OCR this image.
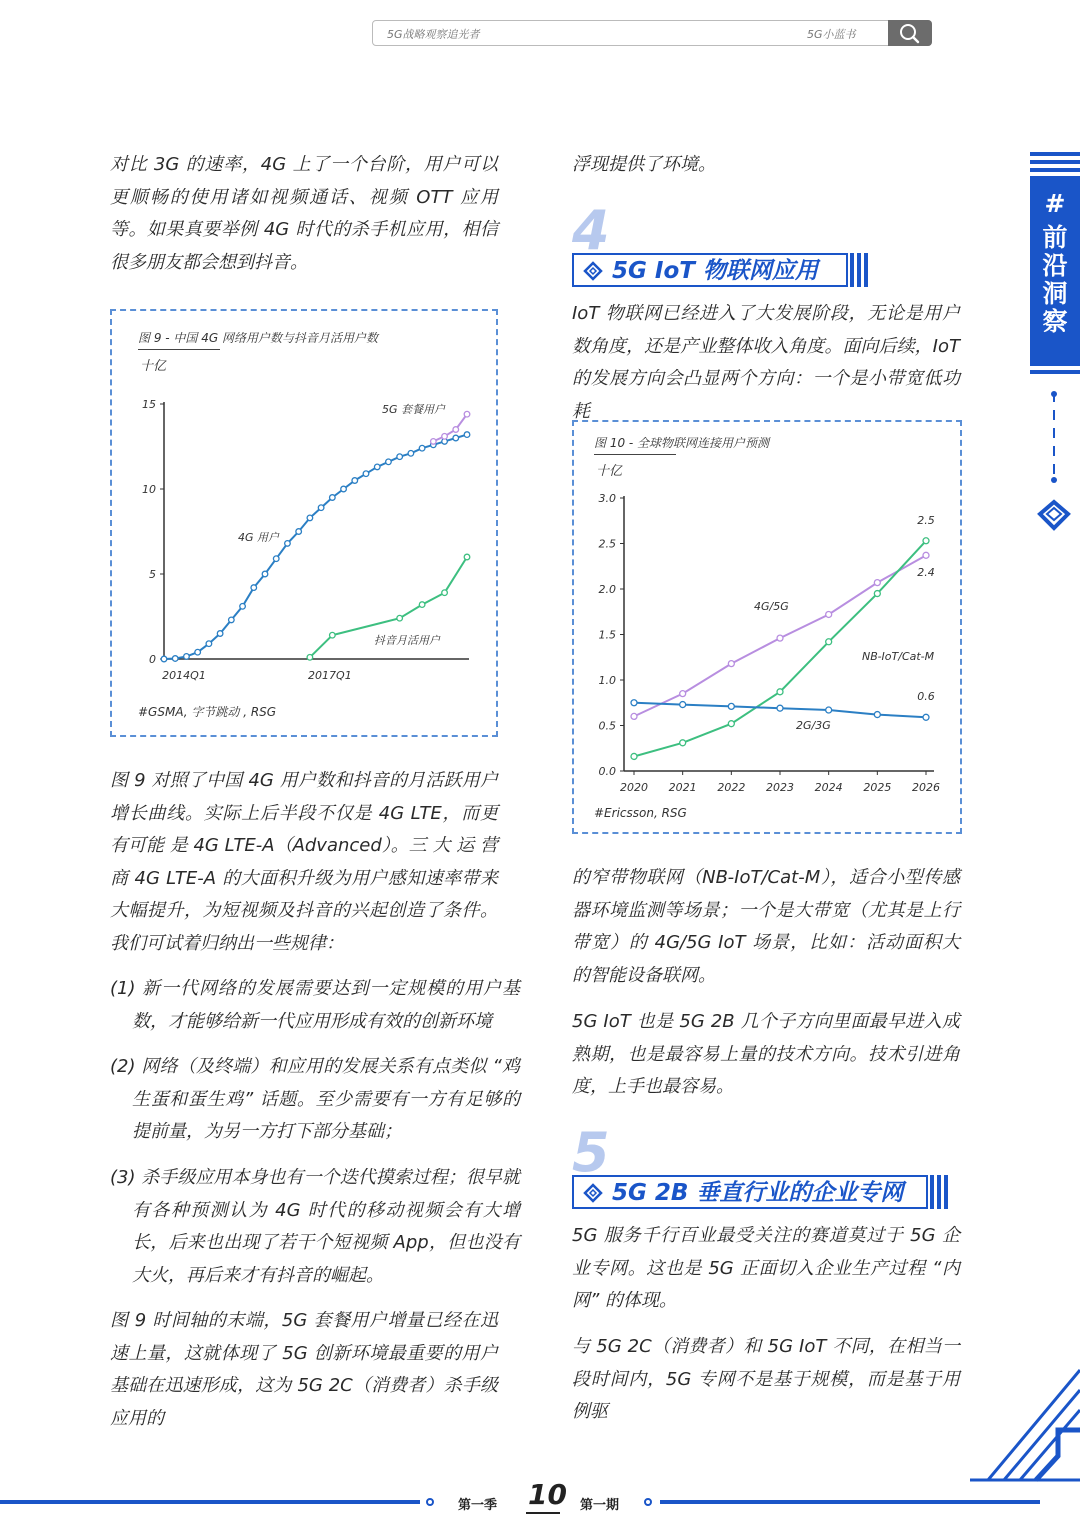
5G战略观察追光者	5G小蓝书
#
前
沿
洞
察

对比 3G 的速率，4G 上了一个台阶，用户可以更顺畅的使用诸如视频通话、视频 OTT 应用等。如果真要举例 4G 时代的杀手机应用，相信很多朋友都会想到抖音。

图 9 - 中国 4G 网络用户数与抖音月活用户数
十亿
0
5
10
15
2014Q1	2017Q1
4G 用户
5G 套餐用户
抖音月活用户
#GSMA, 字节跳动 , RSG

图 9 对照了中国 4G 用户数和抖音的月活跃用户增长曲线。实际上后半段不仅是 4G LTE，而更有可能 是 4G LTE-A（Advanced）。三 大 运 营 商 4G LTE-A 的大面积升级为用户感知速率带来大幅提升，为短视频及抖音的兴起创造了条件。我们可试着归纳出一些规律：

(1) 新一代网络的发展需要达到一定规模的用户基数，才能够给新一代应用形成有效的创新环境

(2) 网络（及终端）和应用的发展关系有点类似 “鸡生蛋和蛋生鸡” 话题。至少需要有一方有足够的提前量，为另一方打下部分基础；

(3) 杀手级应用本身也有一个迭代摸索过程；很早就有各种预测认为 4G 时代的移动视频会有大增长，后来也出现了若干个短视频 App，但也没有大火，再后来才有抖音的崛起。

图 9 时间轴的末端，5G 套餐用户增量已经在迅速上量，这就体现了 5G 创新环境最重要的用户基础在迅速形成，这为 5G 2C（消费者）杀手级应用的

浮现提供了环境。

4
5G IoT 物联网应用

IoT 物联网已经进入了大发展阶段，无论是用户数角度，还是产业整体收入角度。面向后续，IoT 的发展方向会凸显两个方向：一个是小带宽低功耗

图 10 - 全球物联网连接用户预测
十亿
0.0
0.5
1.0
1.5
2.0
2.5
3.0
2020 2021 2022 2023 2024 2025 2026
4G/5G
NB-IoT/Cat-M
2G/3G
2.5
2.4
0.6
#Ericsson, RSG

的窄带物联网（NB-IoT/Cat-M），适合小型传感器环境监测等场景；一个是大带宽（尤其是上行带宽）的 4G/5G IoT 场景，比如：活动面积大的智能设备联网。

5G IoT 也是 5G 2B 几个子方向里面最早进入成熟期，也是最容易上量的技术方向。技术引进角度，上手也最容易。

5
5G 2B 垂直行业的企业专网

5G 服务千行百业最受关注的赛道莫过于 5G 企业专网。这也是 5G 正面切入企业生产过程 “内网” 的体现。

与 5G 2C（消费者）和 5G IoT 不同，在相当一段时间内，5G 专网不是基于规模，而是基于用例驱

第一季 10 第一期
